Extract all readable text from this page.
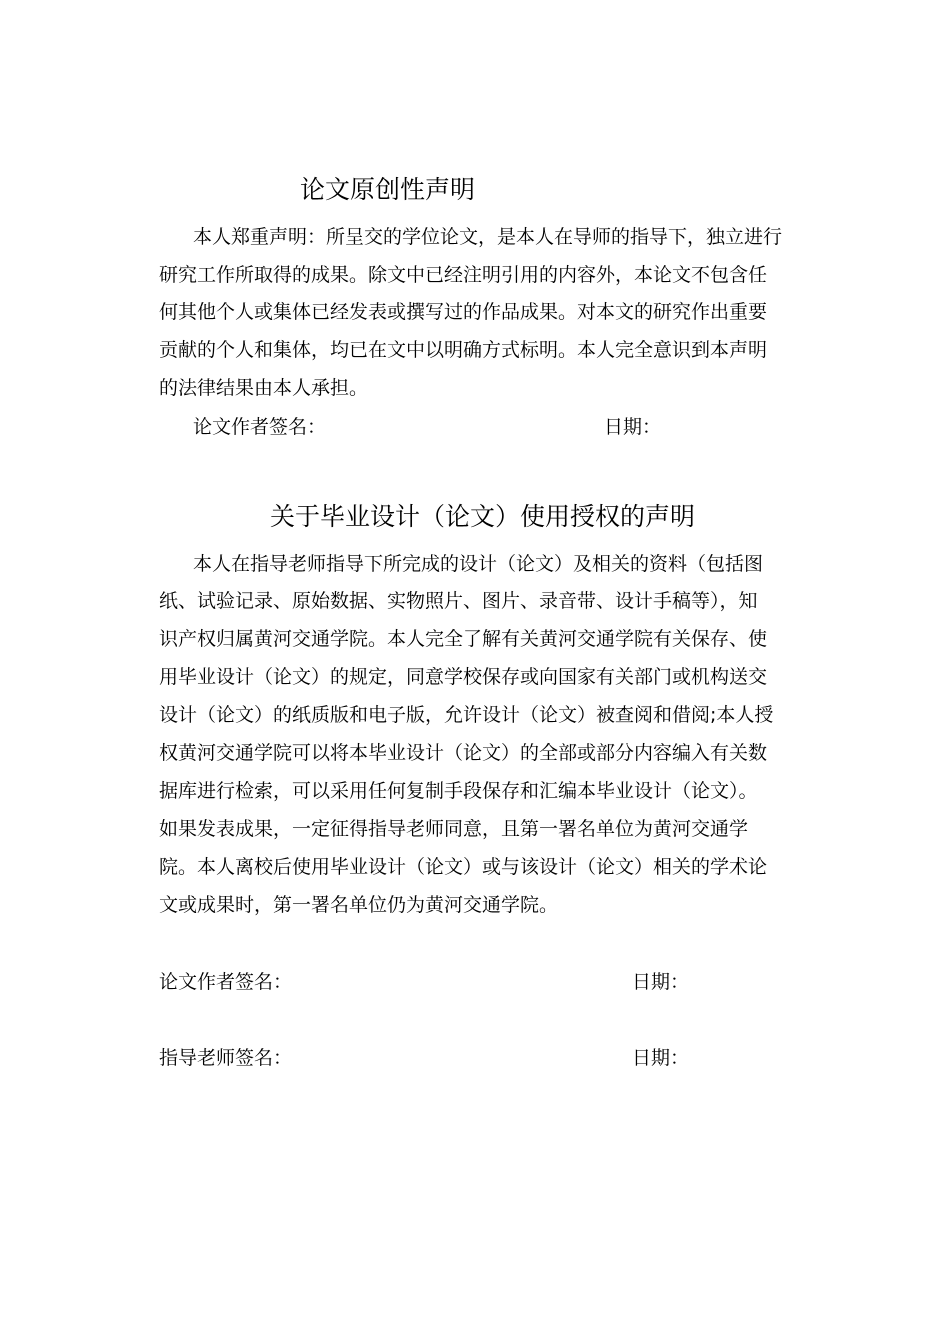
论文原创性声明

本人郑重声明：所呈交的学位论文，是本人在导师的指导下，独立进行

研究工作所取得的成果。除文中已经注明引用的内容外，本论文不包含任

何其他个人或集体已经发表或撰写过的作品成果。对本文的研究作出重要

贡献的个人和集体，均已在文中以明确方式标明。本人完全意识到本声明

的法律结果由本人承担。

论文作者签名：	日期：
关于毕业设计（论文）使用授权的声明

本人在指导老师指导下所完成的设计（论文）及相关的资料（包括图

纸、试验记录、原始数据、实物照片、图片、录音带、设计手稿等），知

识产权归属黄河交通学院。本人完全了解有关黄河交通学院有关保存、使

用毕业设计（论文）的规定，同意学校保存或向国家有关部门或机构送交

设计（论文）的纸质版和电子版，允许设计（论文）被查阅和借阅;本人授

权黄河交通学院可以将本毕业设计（论文）的全部或部分内容编入有关数

据库进行检索，可以采用任何复制手段保存和汇编本毕业设计（论文）。

如果发表成果，一定征得指导老师同意，且第一署名单位为黄河交通学

院。本人离校后使用毕业设计（论文）或与该设计（论文）相关的学术论

文或成果时，第一署名单位仍为黄河交通学院。

论文作者签名：	日期：
指导老师签名：	日期：
